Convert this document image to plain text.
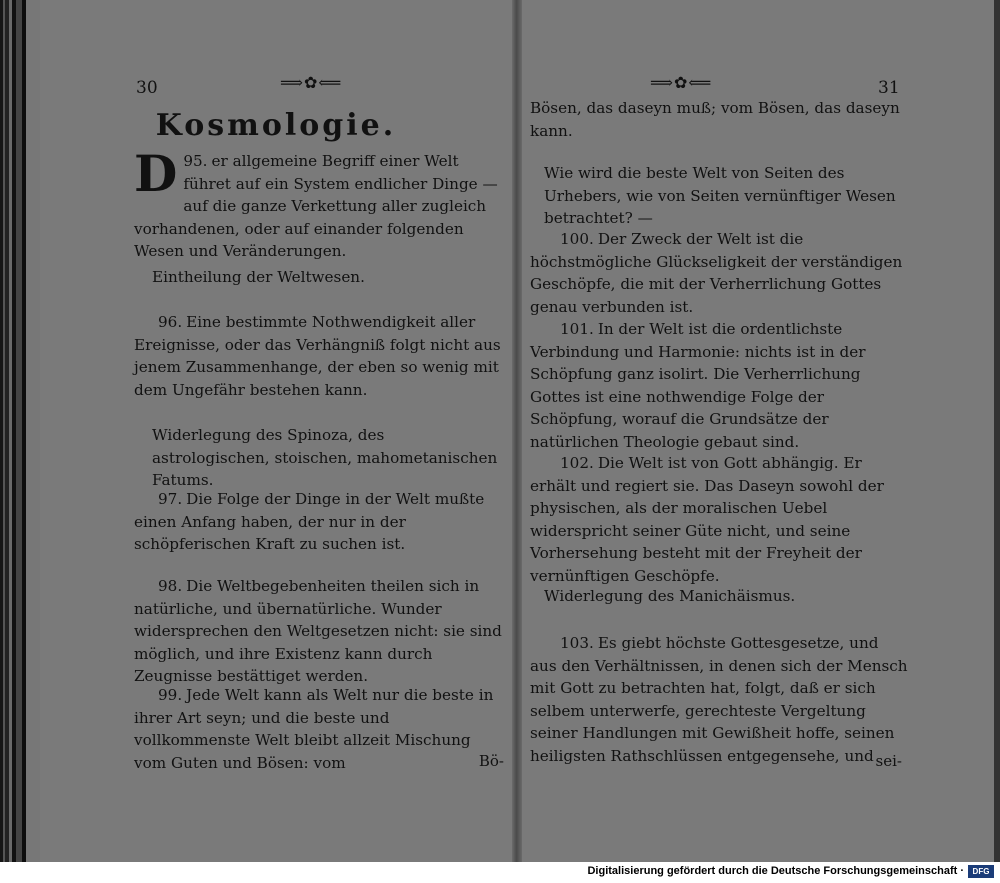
30	⟹✿⟸
Kosmologie.

95.
D er allgemeine Begriff einer Welt führet auf ein System endlicher Dinge — auf die ganze Verkettung aller zugleich vorhandenen, oder auf einander folgenden Wesen und Veränderungen.

Eintheilung der Weltwesen.

96. Eine bestimmte Nothwendigkeit aller Ereignisse, oder das Verhängniß folgt nicht aus jenem Zusammenhange, der eben so wenig mit dem Ungefähr bestehen kann.

Widerlegung des Spinoza, des astrologischen, stoischen, mahometanischen Fatums.

97. Die Folge der Dinge in der Welt mußte einen Anfang haben, der nur in der schöpferischen Kraft zu suchen ist.

98. Die Weltbegebenheiten theilen sich in natürliche, und übernatürliche. Wunder widersprechen den Weltgesetzen nicht: sie sind möglich, und ihre Existenz kann durch Zeugnisse bestättiget werden.

99. Jede Welt kann als Welt nur die beste in ihrer Art seyn; und die beste und vollkommenste Welt bleibt allzeit Mischung vom Guten und Bösen: vom	Bö-
⟹✿⟸	31
Bösen, das daseyn muß; vom Bösen, das daseyn kann.
Wie wird die beste Welt von Seiten des Urhebers, wie von Seiten vernünftiger Wesen betrachtet? —

100. Der Zweck der Welt ist die höchstmögliche Glückseligkeit der verständigen Geschöpfe, die mit der Verherrlichung Gottes genau verbunden ist.

101. In der Welt ist die ordentlichste Verbindung und Harmonie: nichts ist in der Schöpfung ganz isolirt. Die Verherrlichung Gottes ist eine nothwendige Folge der Schöpfung, worauf die Grundsätze der natürlichen Theologie gebaut sind.

102. Die Welt ist von Gott abhängig. Er erhält und regiert sie. Das Daseyn sowohl der physischen, als der moralischen Uebel widerspricht seiner Güte nicht, und seine Vorhersehung besteht mit der Freyheit der vernünftigen Geschöpfe.

Widerlegung des Manichäismus.

103. Es giebt höchste Gottesgesetze, und aus den Verhältnissen, in denen sich der Mensch mit Gott zu betrachten hat, folgt, daß er sich selbem unterwerfe, gerechteste Vergeltung seiner Handlungen mit Gewißheit hoffe, seinen heiligsten Rathschlüssen entgegensehe, und sei-
Digitalisierung gefördert durch die Deutsche Forschungsgemeinschaft ·	DFG
